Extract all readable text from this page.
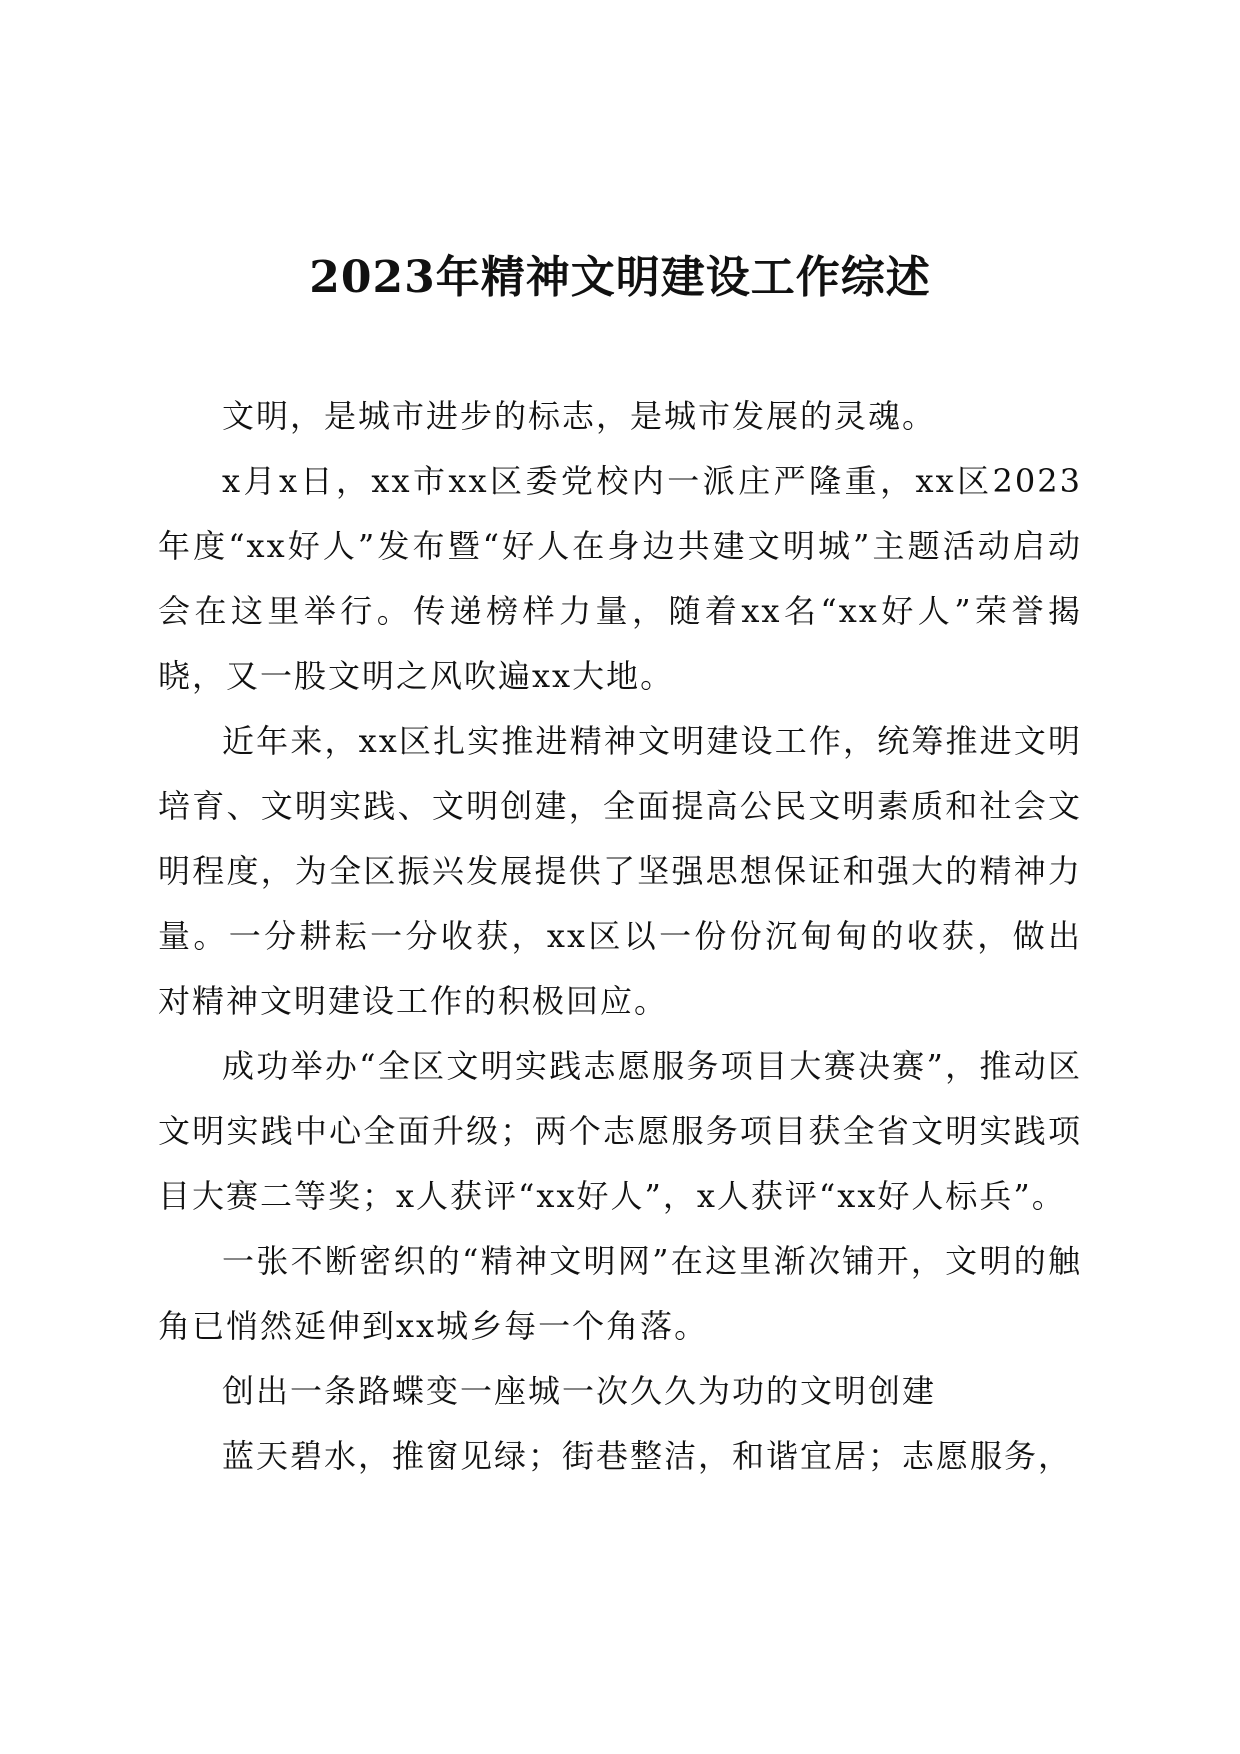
2023年精神文明建设工作综述

文明，是城市进步的标志，是城市发展的灵魂。

x月x日，xx市xx区委党校内一派庄严隆重，xx区2023年度“xx好人”发布暨“好人在身边共建文明城”主题活动启动会在这里举行。传递榜样力量，随着xx名“xx好人”荣誉揭晓，又一股文明之风吹遍xx大地。

近年来，xx区扎实推进精神文明建设工作，统筹推进文明培育、文明实践、文明创建，全面提高公民文明素质和社会文明程度，为全区振兴发展提供了坚强思想保证和强大的精神力量。一分耕耘一分收获，xx区以一份份沉甸甸的收获，做出对精神文明建设工作的积极回应。

成功举办“全区文明实践志愿服务项目大赛决赛”，推动区文明实践中心全面升级；两个志愿服务项目获全省文明实践项目大赛二等奖；x人获评“xx好人”，x人获评“xx好人标兵”。

一张不断密织的“精神文明网”在这里渐次铺开，文明的触角已悄然延伸到xx城乡每一个角落。

创出一条路蝶变一座城一次久久为功的文明创建

蓝天碧水，推窗见绿；街巷整洁，和谐宜居；志愿服务，
